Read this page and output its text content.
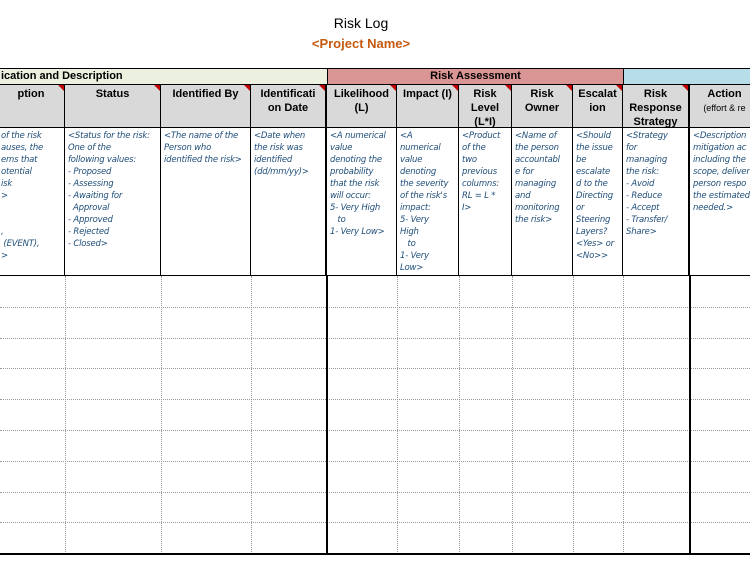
Risk Log
<Project Name>
ication and Description	Risk Assessment
ption
of the risk
auses, the
ems that
otential
isk
>

,
(EVENT),
>
Status
<Status for the risk:
One of the
following values:
- Proposed
- Assessing
- Awaiting for
Approval
- Approved
- Rejected
- Closed>
Identified By
<The name of the
Person who
identified the risk>
Identificati
on Date
<Date when
the risk was
identified
(dd/mm/yy)>
Likelihood
(L)
<A numerical
value
denoting the
probability
that the risk
will occur:
5- Very High
to
1- Very Low>
Impact (I)
<A
numerical
value
denoting
the severity
of the risk's
impact:
5- Very
High
to
1- Very
Low>
Risk
Level
(L*I)
<Product
of the
two
previous
columns:
RL = L *
I>
Risk
Owner
<Name of
the person
accountabl
e for
managing
and
monitoring
the risk>
Escalat
ion
<Should
the issue
be
escalate
d to the
Directing
or
Steering
Layers?
<Yes> or
<No>>
Risk
Response
Strategy
<Strategy
for
managing
the risk:
- Avoid
- Reduce
- Accept
- Transfer/
Share>
Action
(effort & re
<Description
mitigation ac
including the
scope, deliver
person respo
the estimated
needed.>
